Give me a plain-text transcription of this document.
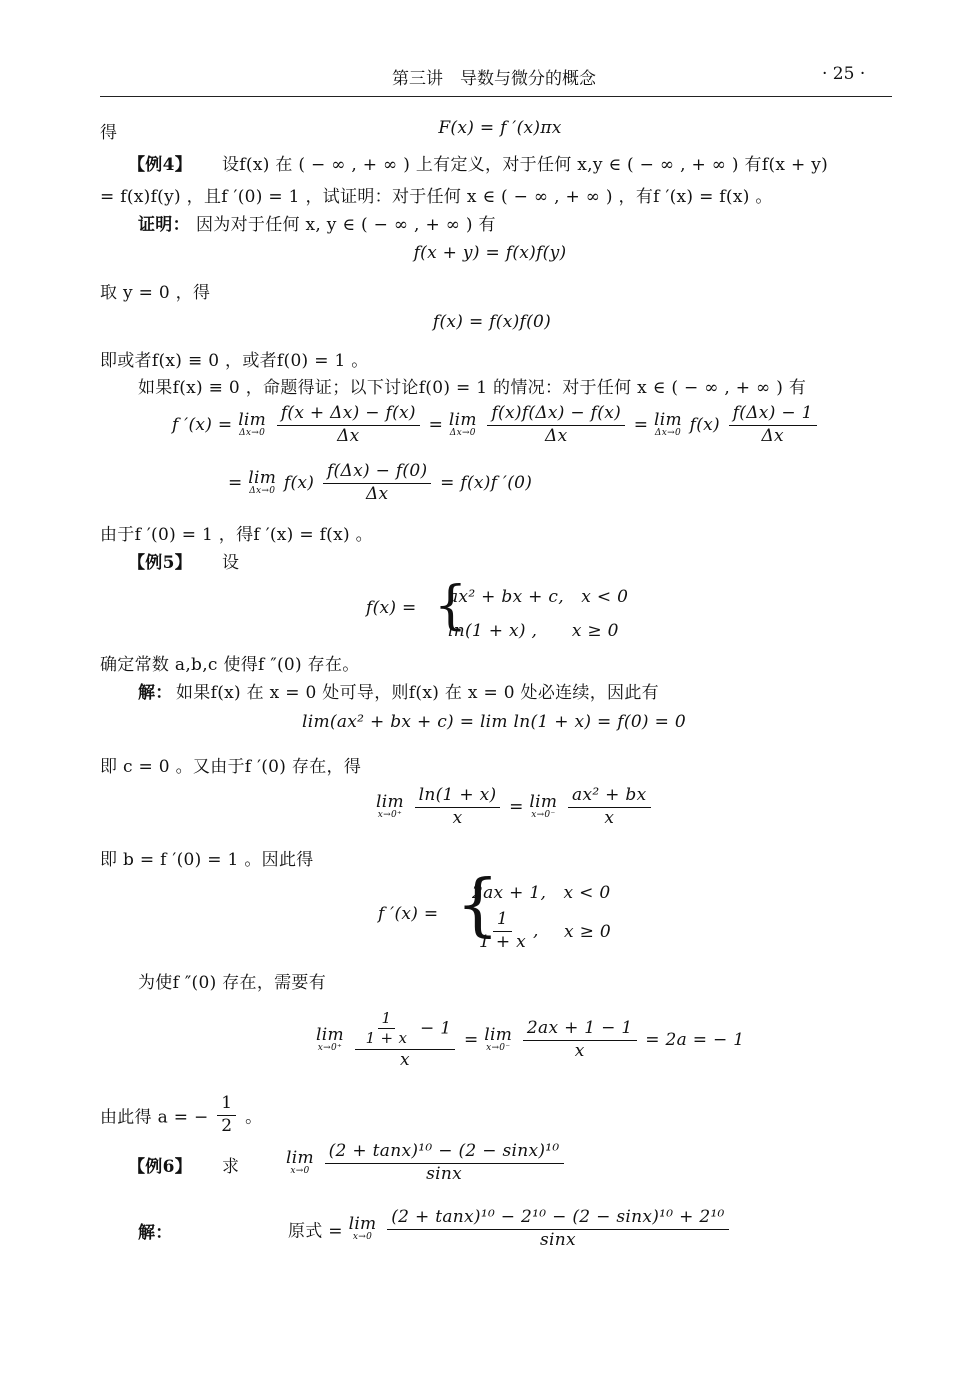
第三讲　导数与微分的概念	· 25 ·
得	F(x) = f ′(x)πx
【例4】 设f(x) 在 ( − ∞ , + ∞ ) 上有定义，对于任何 x,y ∈ ( − ∞ , + ∞ ) 有f(x + y)
= f(x)f(y) ，且f ′(0) = 1 ，试证明：对于任何 x ∈ ( − ∞ , + ∞ ) ，有f ′(x) = f(x) 。
证明： 因为对于任何 x, y ∈ ( − ∞ , + ∞ ) 有
f(x + y) = f(x)f(y)
取 y = 0 ，得
f(x) = f(x)f(0)
即或者f(x) ≡ 0 ，或者f(0) = 1 。
如果f(x) ≡ 0 ，命题得证；以下讨论f(0) = 1 的情况：对于任何 x ∈ ( − ∞ , + ∞ ) 有
f ′(x) = lim
Δx→0
$\frac{f(x + \Delta x) - f(x)}{\Delta x} = \lim$
Δx→0
$\frac{f(x)f(\Delta x) - f(x)}{\Delta x} = \lim$
Δx→0 $f(x) \frac{f(\Delta x) - 1}{\Delta x}$
= lim
Δx→0 $f(x) \frac{f(\Delta x) - f(0)}{\Delta x} = f(x)f$ ′(0)
由于f ′(0) = 1 ，得f ′(x) = f(x) 。
【例5】 设
f(x) = {
ax² + bx + c,　x < 0
ln(1 + x) ,　　x ≥ 0
确定常数 a,b,c 使得f ″(0) 存在。
解： 如果f(x) 在 x = 0 处可导，则f(x) 在 x = 0 处必连续，因此有
lim(ax² + bx + c) = lim ln(1 + x) = f(0) = 0
即 c = 0 。又由于f ′(0) 存在，得
lim
x→0⁺
$\frac{\ln(1 + x)}{x} = \lim$
x→0⁻
$\frac{\text{ax² + bx}}{x}$
即 b = f ′(0) = 1 。因此得
f ′(x) = {
2ax + 1,　x < 0
$\frac{1}{1 + x}$ , x ≥ 0
为使f ″(0) 存在，需要有
lim
x→0⁺
$\frac{\frac{1}{1 + x} - 1}{x} = \lim$
x→0⁻
$\frac{2ax + 1 - 1}{x} = 2a$ = − 1
由此得 a = − $\frac{1}{2}$ 。
【例6】 求	lim
x→0
$\frac{\text{(2 + tanx)¹⁰ − (2 − sinx)¹⁰}}{\sin x}$
解：	原式 = lim
x→0
$\frac{\text{(2 + tanx)¹⁰ − 2¹⁰ − (2 − sinx)¹⁰ + 2¹⁰}}{\sin x}$
